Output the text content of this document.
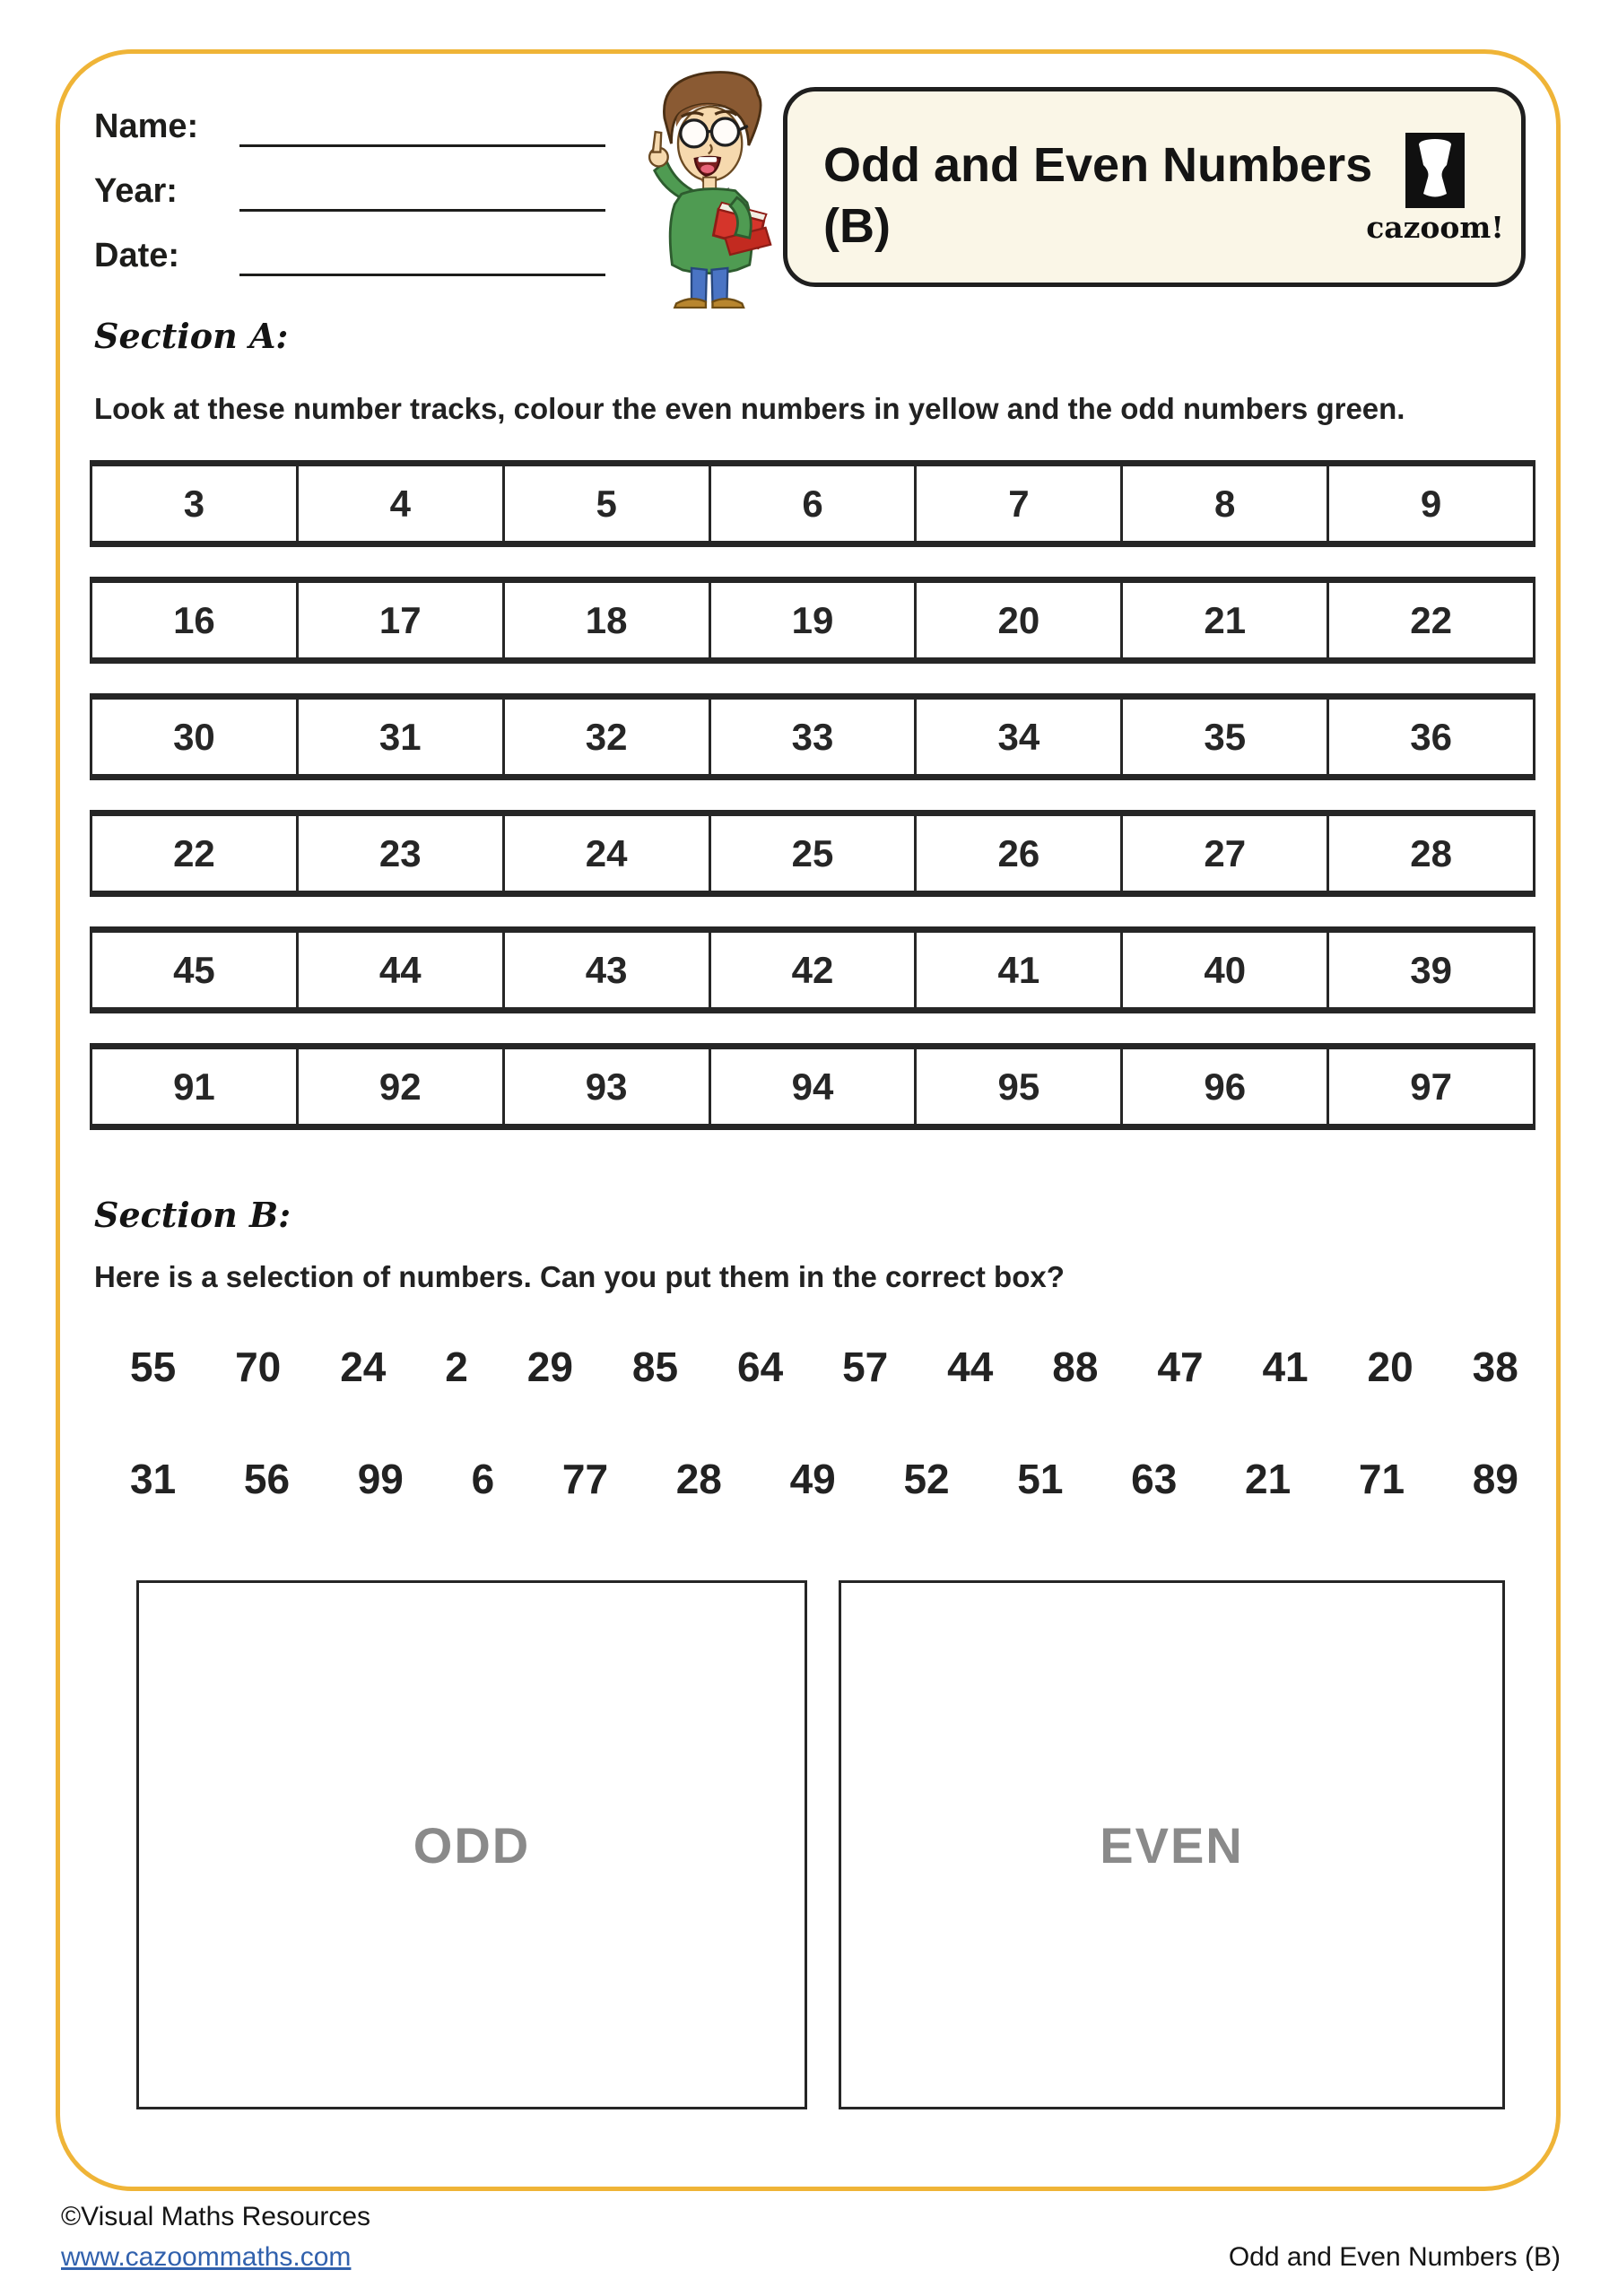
Name:
Year:
Date:
Odd and Even Numbers
(B)	cazoom!
Section A:
Look at these number tracks, colour the even numbers in yellow and the odd numbers green.
3	4	5	6	7	8	9
16	17	18	19	20	21	22
30	31	32	33	34	35	36
22	23	24	25	26	27	28
45	44	43	42	41	40	39
91	92	93	94	95	96	97
Section B:
Here is a selection of numbers. Can you put them in the correct box?
55 70 24 2 29 85 64 57 44 88 47 41 20 38
31 56 99 6 77 28 49 52 51 63 21 71 89
ODD	EVEN
©Visual Maths Resources
www.cazoommaths.com	Odd and Even Numbers (B)
